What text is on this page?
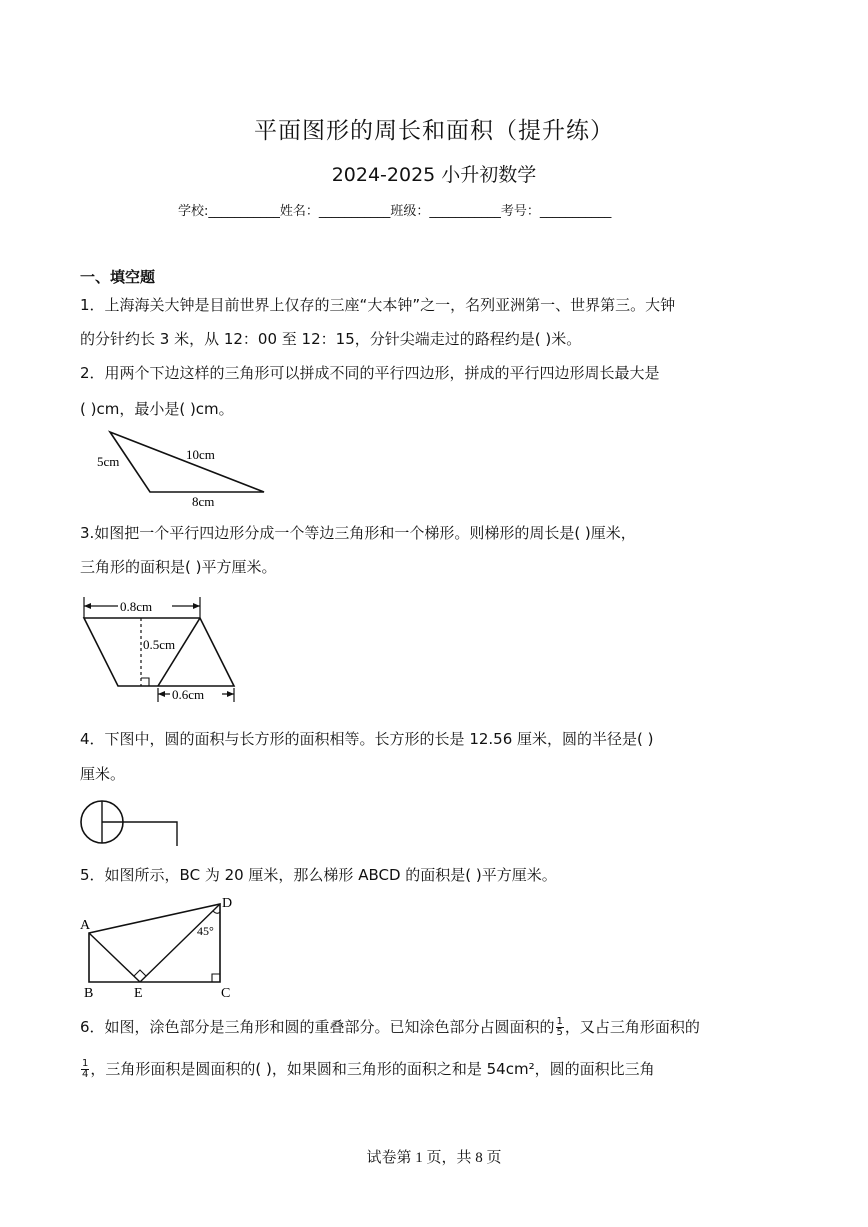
平面图形的周长和面积（提升练）
2024-2025 小升初数学
学校:___________姓名：___________班级：___________考号：___________
一、填空题
1．上海海关大钟是目前世界上仅存的三座“大本钟”之一，名列亚洲第一、世界第三。大钟
的分针约长 3 米，从 12：00 至 12：15，分针尖端走过的路程约是( )米。
2．用两个下边这样的三角形可以拼成不同的平行四边形，拼成的平行四边形周长最大是
( )cm，最小是( )cm。
5cm	10cm
8cm
3.如图把一个平行四边形分成一个等边三角形和一个梯形。则梯形的周长是( )厘米，
三角形的面积是( )平方厘米。
0.8cm
0.5cm
0.6cm
4．下图中，圆的面积与长方形的面积相等。长方形的长是 12.56 厘米，圆的半径是( )
厘米。
5．如图所示，BC 为 20 厘米，那么梯形 ABCD 的面积是( )平方厘米。
A
B	E	C
D
45°
6．如图，涂色部分是三角形和圆的重叠部分。已知涂色部分占圆面积的 $\frac{1}{5}$ ，又占三角形面积的
$\frac{1}{4}$ ，三角形面积是圆面积的( )，如果圆和三角形的面积之和是 54cm²，圆的面积比三角
试卷第 1 页，共 8 页
